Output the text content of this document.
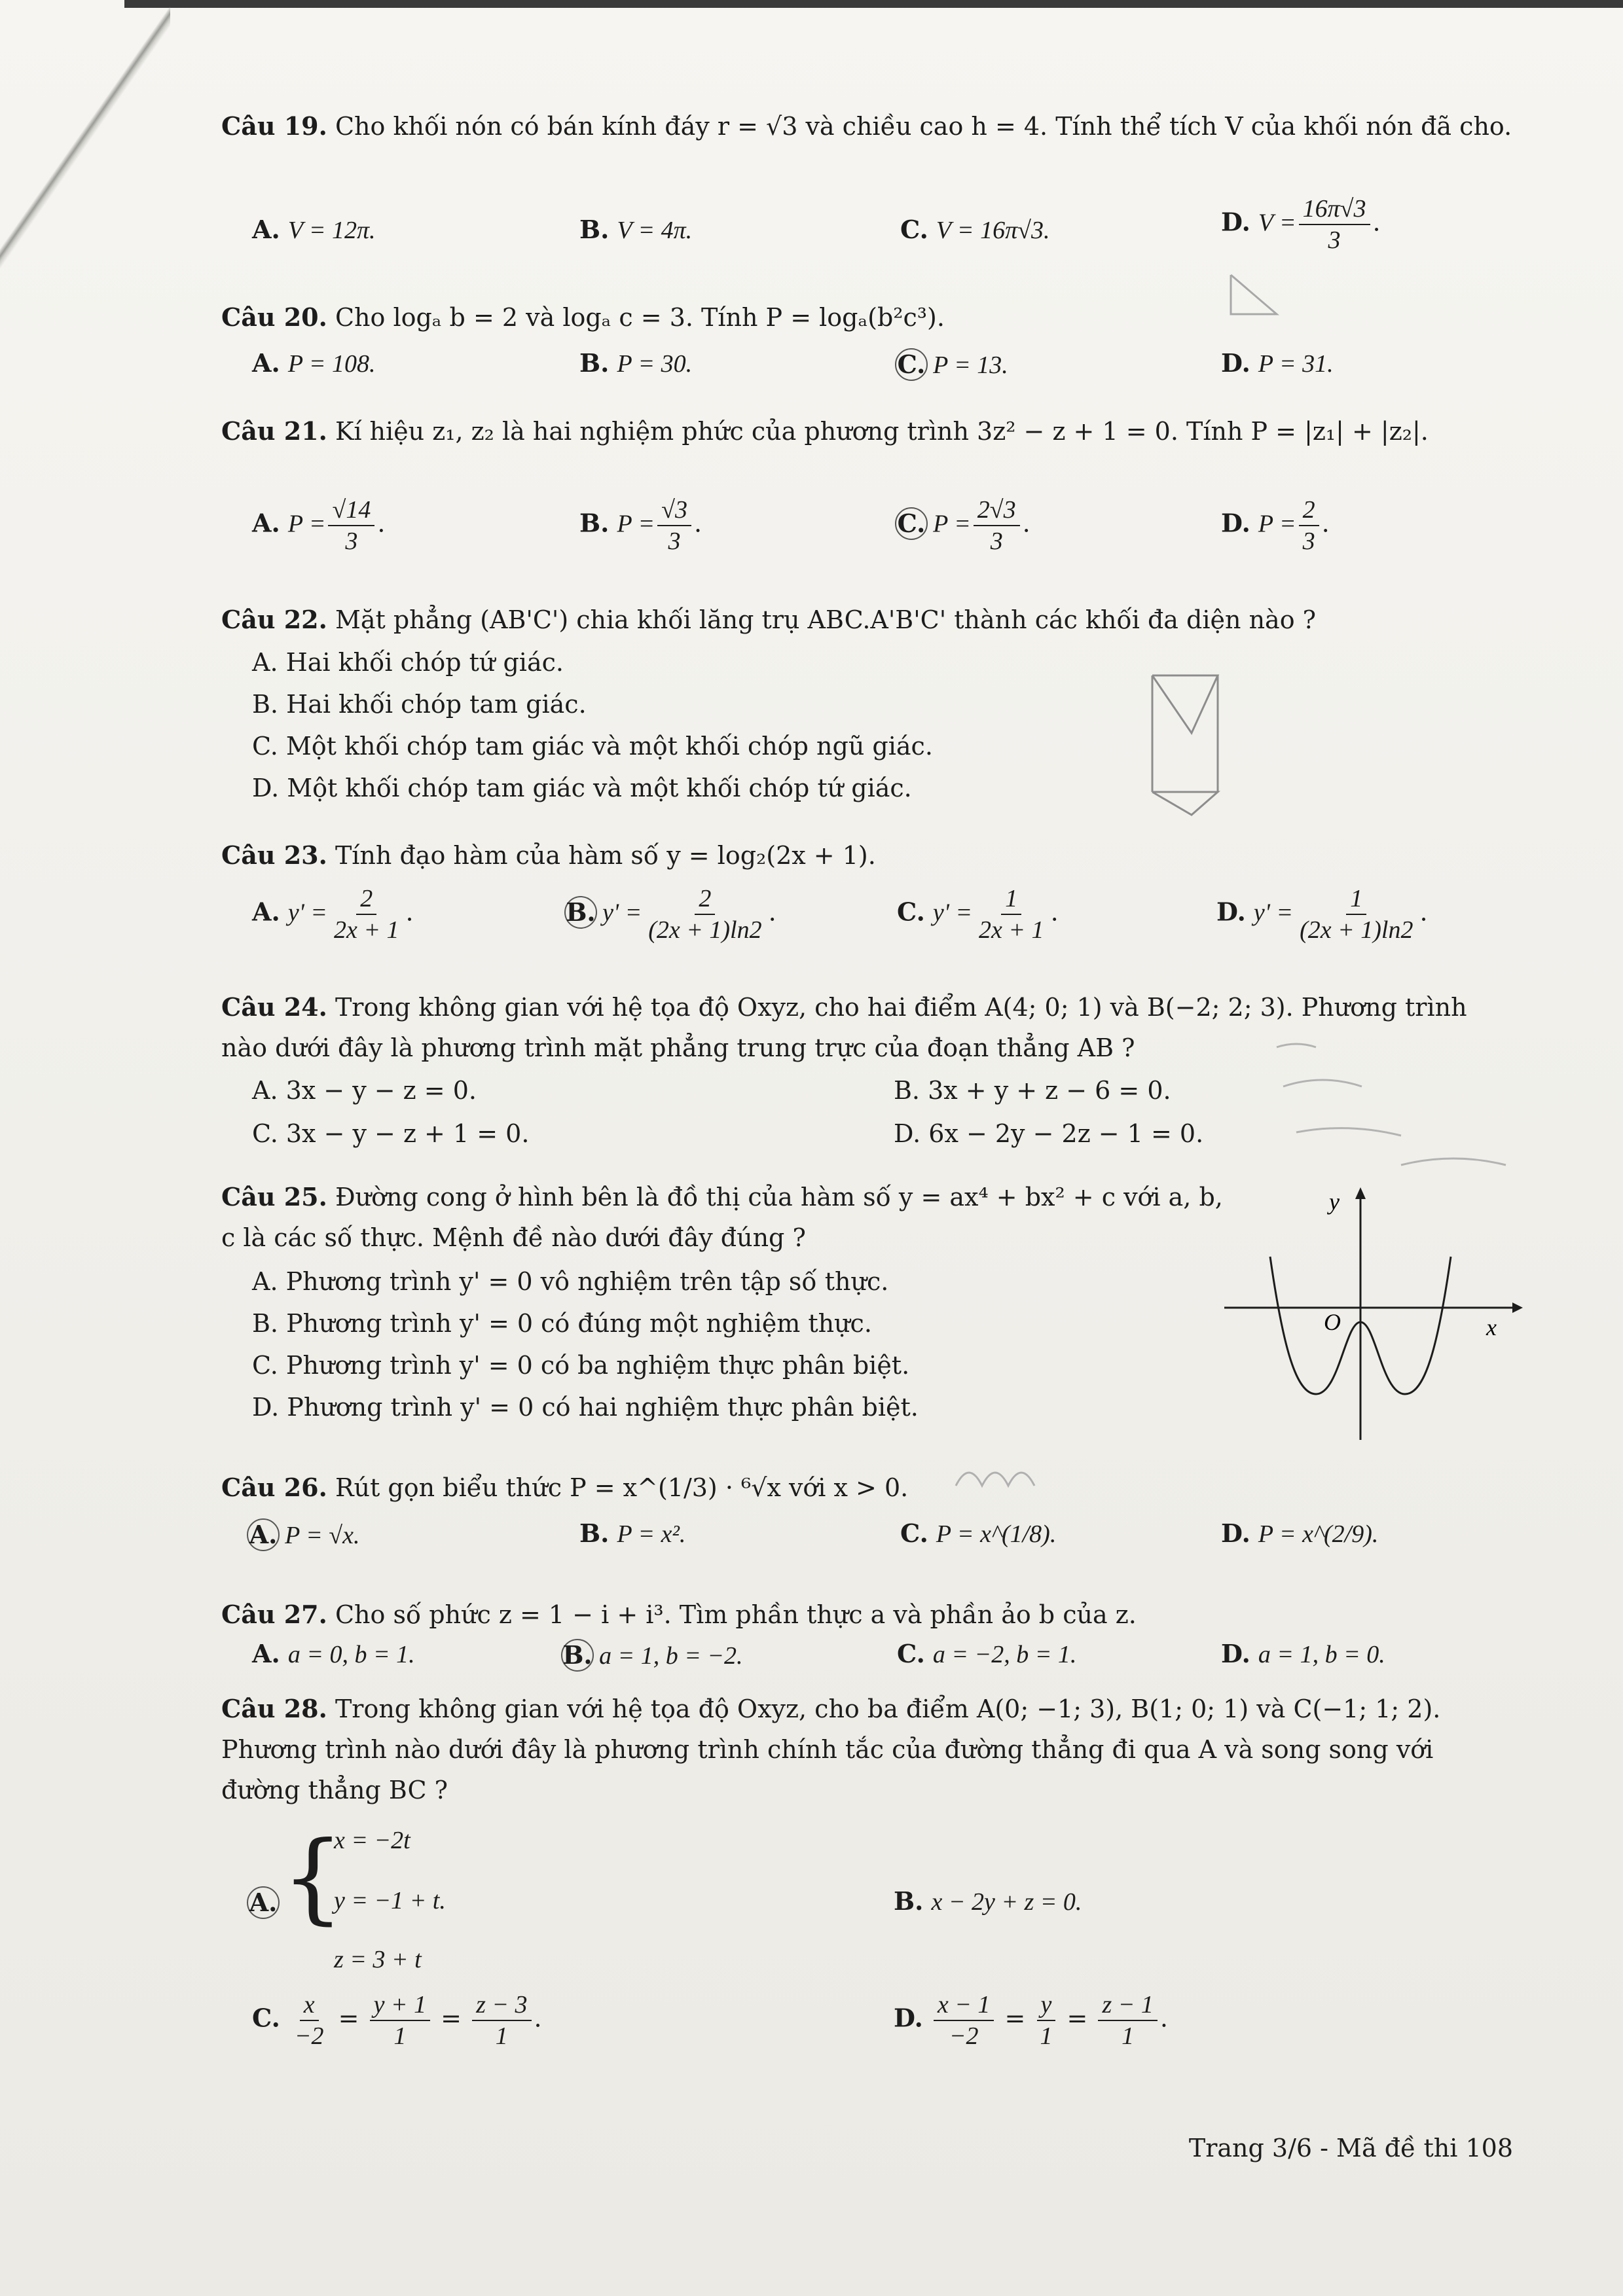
Câu 19. Cho khối nón có bán kính đáy r = √3 và chiều cao h = 4. Tính thể tích V của khối nón đã cho.
A. V = 12π.	B. V = 4π.	C. V = 16π√3.	D. $V = \frac{16\pi√3}{3}$ .
Câu 20. Cho logₐ b = 2 và logₐ c = 3. Tính P = logₐ(b²c³).
A. P = 108.	B. P = 30.	C. P = 13.	D. P = 31.
Câu 21. Kí hiệu z₁, z₂ là hai nghiệm phức của phương trình 3z² − z + 1 = 0. Tính P = |z₁| + |z₂|.
A. $P = \frac{√14}{3}$ .	B. $P = \frac{√3}{3}$ .	C. $P = \frac{2√3}{3}$ .	D. $P = \frac{2}{3}$ .
Câu 22. Mặt phẳng (AB'C') chia khối lăng trụ ABC.A'B'C' thành các khối đa diện nào ?
A. Hai khối chóp tứ giác.
B. Hai khối chóp tam giác.
C. Một khối chóp tam giác và một khối chóp ngũ giác.
D. Một khối chóp tam giác và một khối chóp tứ giác.
Câu 23. Tính đạo hàm của hàm số y = log₂(2x + 1).
A. $y' = \frac{2}{2x + 1}$ .	B. $y' = \frac{2}{(2x + 1)\ln 2}$ .	C. $y' = \frac{1}{2x + 1}$ .	D. $y' = \frac{1}{(2x + 1)\ln 2}$ .
Câu 24. Trong không gian với hệ tọa độ Oxyz, cho hai điểm A(4; 0; 1) và B(−2; 2; 3). Phương trình nào dưới đây là phương trình mặt phẳng trung trực của đoạn thẳng AB ?
A. 3x − y − z = 0.	B. 3x + y + z − 6 = 0.
C. 3x − y − z + 1 = 0.	D. 6x − 2y − 2z − 1 = 0.
Câu 25. Đường cong ở hình bên là đồ thị của hàm số y = ax⁴ + bx² + c với a, b, c là các số thực. Mệnh đề nào dưới đây đúng ?
A. Phương trình y' = 0 vô nghiệm trên tập số thực.
B. Phương trình y' = 0 có đúng một nghiệm thực.
C. Phương trình y' = 0 có ba nghiệm thực phân biệt.
D. Phương trình y' = 0 có hai nghiệm thực phân biệt.
y
x
O
Câu 26. Rút gọn biểu thức P = x^(1/3) · ⁶√x với x > 0.
A. P = √x.	B. P = x².	C. P = x^(1/8).	D. P = x^(2/9).
Câu 27. Cho số phức z = 1 − i + i³. Tìm phần thực a và phần ảo b của z.
A. a = 0, b = 1.	B. a = 1, b = −2.	C. a = −2, b = 1.	D. a = 1, b = 0.
Câu 28. Trong không gian với hệ tọa độ Oxyz, cho ba điểm A(0; −1; 3), B(1; 0; 1) và C(−1; 1; 2). Phương trình nào dưới đây là phương trình chính tắc của đường thẳng đi qua A và song song với đường thẳng BC ?
A. {
x = −2t
y = −1 + t.
z = 3 + t
B. x − 2y + z = 0.
C. $\frac{x}{-2} = \frac{y + 1}{1} = \frac{z - 3}{1}$ .	D. $\frac{x - 1}{-2} = \frac{y}{1} = \frac{z - 1}{1}$ .
Trang 3/6 - Mã đề thi 108
